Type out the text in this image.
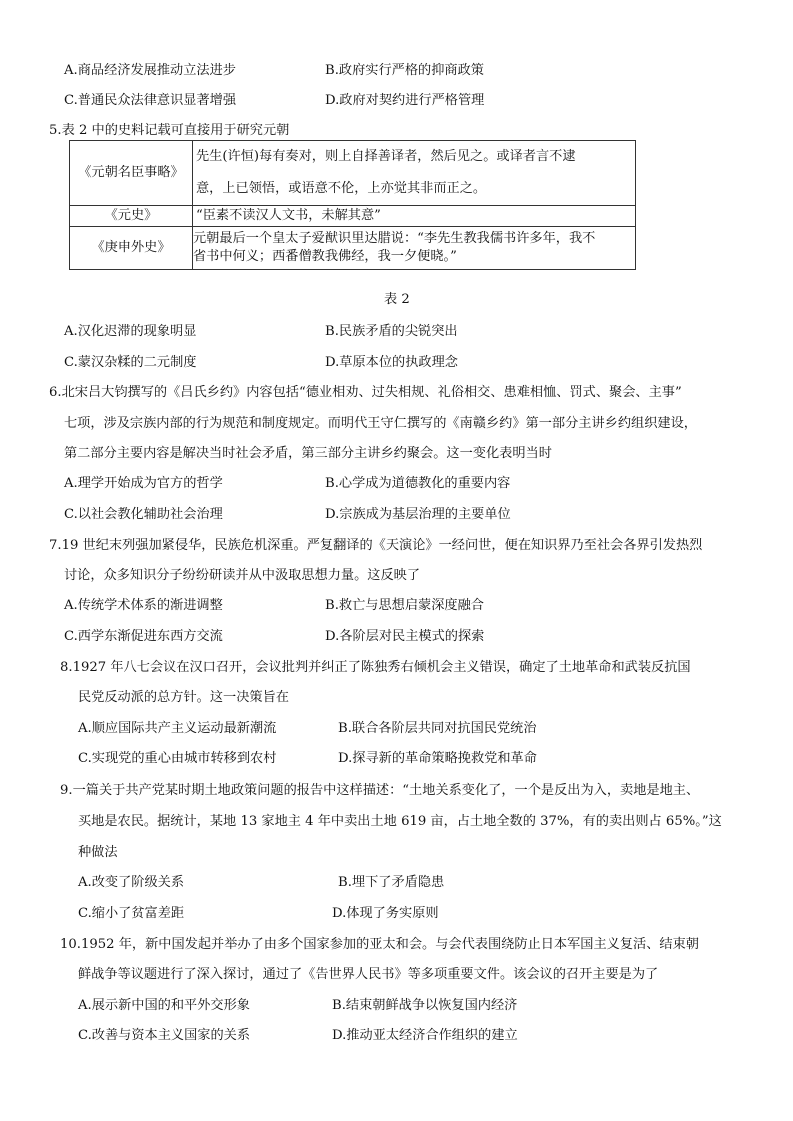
A.商品经济发展推动立法进步	B.政府实行严格的抑商政策
C.普通民众法律意识显著增强	D.政府对契约进行严格管理
5.表 2 中的史料记载可直接用于研究元朝
《元朝名臣事略》	先生(许恒)每有奏对，则上自择善译者，然后见之。或译者言不逮
意，上已领悟，或语意不伦，上亦觉其非而正之。

《元史》	“臣素不读汉人文书，未解其意”
《庚申外史》	元朝最后一个皇太子爱猷识里达腊说：“李先生教我儒书许多年，我不
省书中何义；西番僧教我佛经，我一夕便晓。”
表 2
A.汉化迟滞的现象明显	B.民族矛盾的尖锐突出
C.蒙汉杂糅的二元制度	D.草原本位的执政理念
6.北宋吕大钧撰写的《吕氏乡约》内容包括“德业相劝、过失相规、礼俗相交、患难相恤、罚式、聚会、主事”
七项，涉及宗族内部的行为规范和制度规定。而明代王守仁撰写的《南赣乡约》第一部分主讲乡约组织建设，
第二部分主要内容是解决当时社会矛盾，第三部分主讲乡约聚会。这一变化表明当时
A.理学开始成为官方的哲学	B.心学成为道德教化的重要内容
C.以社会教化辅助社会治理	D.宗族成为基层治理的主要单位
7.19 世纪末列强加紧侵华，民族危机深重。严复翻译的《天演论》一经问世，便在知识界乃至社会各界引发热烈
讨论，众多知识分子纷纷研读并从中汲取思想力量。这反映了
A.传统学术体系的渐进调整	B.救亡与思想启蒙深度融合
C.西学东渐促进东西方交流	D.各阶层对民主模式的探索
8.1927 年八七会议在汉口召开，会议批判并纠正了陈独秀右倾机会主义错误，确定了土地革命和武装反抗国
民党反动派的总方针。这一决策旨在
A.顺应国际共产主义运动最新潮流	B.联合各阶层共同对抗国民党统治
C.实现党的重心由城市转移到农村	D.探寻新的革命策略挽救党和革命
9.一篇关于共产党某时期土地政策问题的报告中这样描述：“土地关系变化了，一个是反出为入，卖地是地主、
买地是农民。据统计，某地 13 家地主 4 年中卖出土地 619 亩，占土地全数的 37%，有的卖出则占 65%。”这
种做法
A.改变了阶级关系	B.埋下了矛盾隐患
C.缩小了贫富差距	D.体现了务实原则
10.1952 年，新中国发起并举办了由多个国家参加的亚太和会。与会代表围绕防止日本军国主义复活、结束朝
鲜战争等议题进行了深入探讨，通过了《告世界人民书》等多项重要文件。该会议的召开主要是为了
A.展示新中国的和平外交形象	B.结束朝鲜战争以恢复国内经济
C.改善与资本主义国家的关系	D.推动亚太经济合作组织的建立
